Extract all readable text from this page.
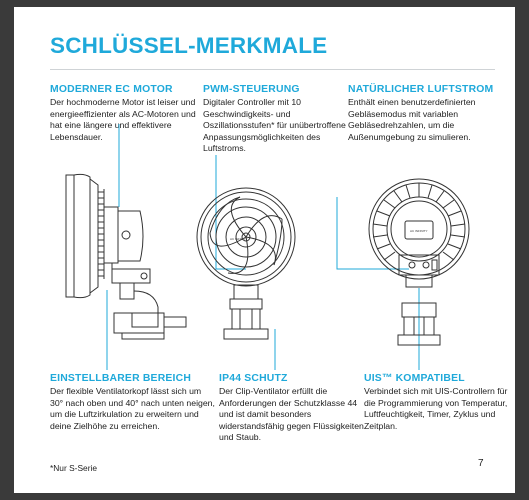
SCHLÜSSEL-MERKMALE
MODERNER EC MOTOR

Der hochmoderne Motor ist leiser und energieeffizienter als AC-Motoren und hat eine längere und effektivere Lebensdauer.

PWM-STEUERUNG

Digitaler Controller mit 10 Geschwindigkeits- und Oszillationsstufen* für unübertroffene Anpassungsmöglichkeiten des Luftstroms.

NATÜRLICHER LUFTSTROM

Enthält einen benutzerdefinierten Gebläsemodus mit variablen Gebläsedrehzahlen, um die Außenumgebung zu simulieren.

AC INFINITY
AC INFINITY
EINSTELLBARER BEREICH

Der flexible Ventilatorkopf lässt sich um 30° nach oben und 40° nach unten neigen, um die Luftzirkulation zu erweitern und deine Zielhöhe zu erreichen.

IP44 SCHUTZ

Der Clip-Ventilator erfüllt die Anforderungen der Schutzklasse 44 und ist damit besonders widerstandsfähig gegen Flüssigkeiten und Staub.

UIS™ KOMPATIBEL

Verbindet sich mit UIS-Controllern für die Programmierung von Temperatur, Luftfeuchtigkeit, Timer, Zyklus und Zeitplan.

*Nur S-Serie	7
